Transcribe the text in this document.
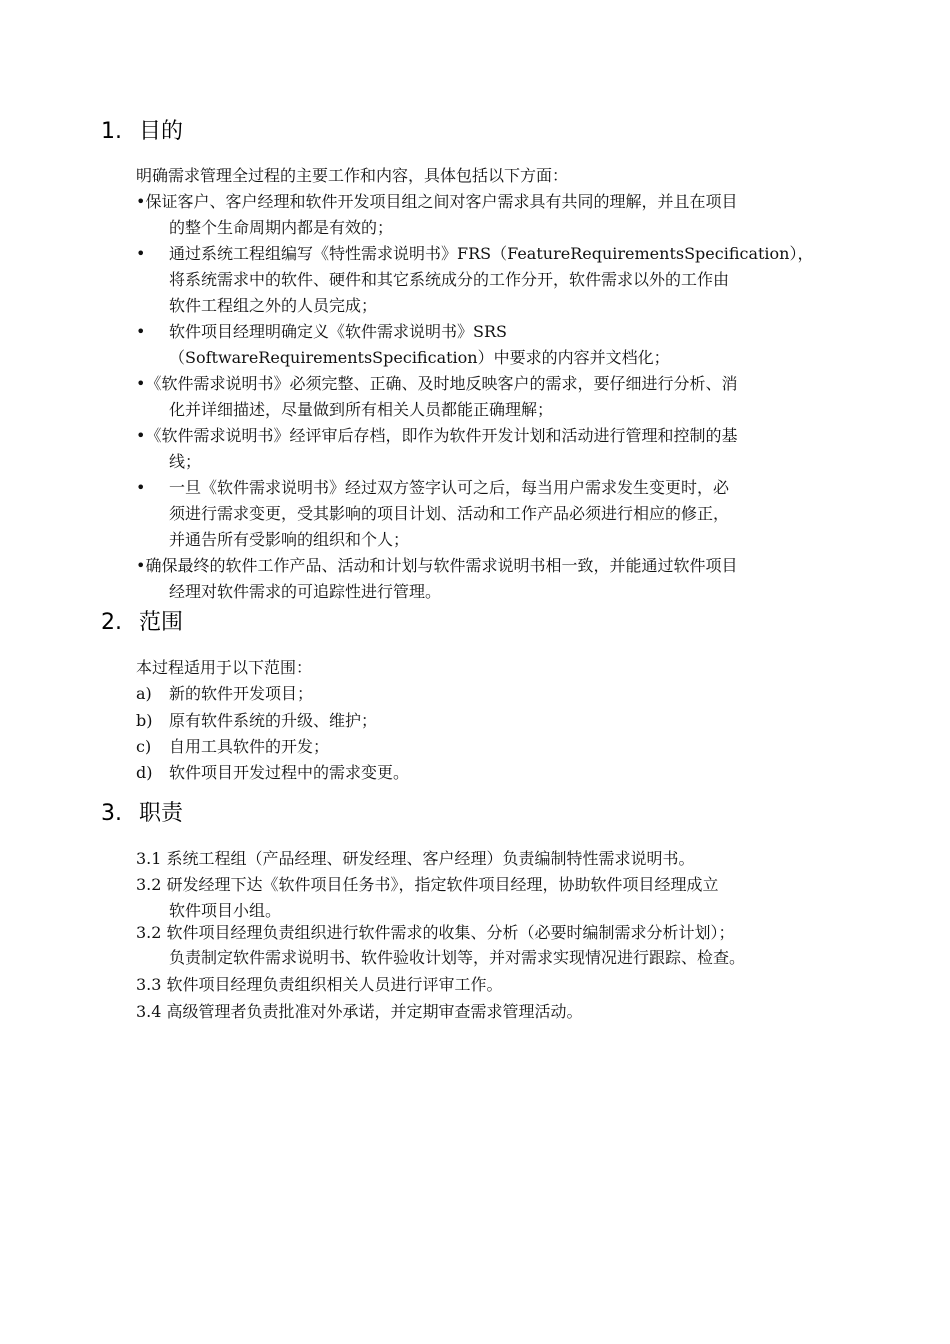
1. 目的
明确需求管理全过程的主要工作和内容，具体包括以下方面：
•保证客户、客户经理和软件开发项目组之间对客户需求具有共同的理解，并且在项目
的整个生命周期内都是有效的；
• 通过系统工程组编写《特性需求说明书》FRS（FeatureRequirementsSpecification），
将系统需求中的软件、硬件和其它系统成分的工作分开，软件需求以外的工作由
软件工程组之外的人员完成；
• 软件项目经理明确定义《软件需求说明书》SRS
（SoftwareRequirementsSpecification）中要求的内容并文档化；
•《软件需求说明书》必须完整、正确、及时地反映客户的需求，要仔细进行分析、消
化并详细描述，尽量做到所有相关人员都能正确理解；
•《软件需求说明书》经评审后存档，即作为软件开发计划和活动进行管理和控制的基
线；
• 一旦《软件需求说明书》经过双方签字认可之后，每当用户需求发生变更时，必
须进行需求变更，受其影响的项目计划、活动和工作产品必须进行相应的修正，
并通告所有受影响的组织和个人；
•确保最终的软件工作产品、活动和计划与软件需求说明书相一致，并能通过软件项目
经理对软件需求的可追踪性进行管理。
2. 范围
本过程适用于以下范围：
a) 新的软件开发项目；
b) 原有软件系统的升级、维护；
c) 自用工具软件的开发；
d) 软件项目开发过程中的需求变更。
3. 职责
3.1 系统工程组（产品经理、研发经理、客户经理）负责编制特性需求说明书。
3.2 研发经理下达《软件项目任务书》，指定软件项目经理，协助软件项目经理成立
软件项目小组。
3.2 软件项目经理负责组织进行软件需求的收集、分析（必要时编制需求分析计划）；
负责制定软件需求说明书、软件验收计划等，并对需求实现情况进行跟踪、检查。
3.3 软件项目经理负责组织相关人员进行评审工作。
3.4 高级管理者负责批准对外承诺，并定期审查需求管理活动。
